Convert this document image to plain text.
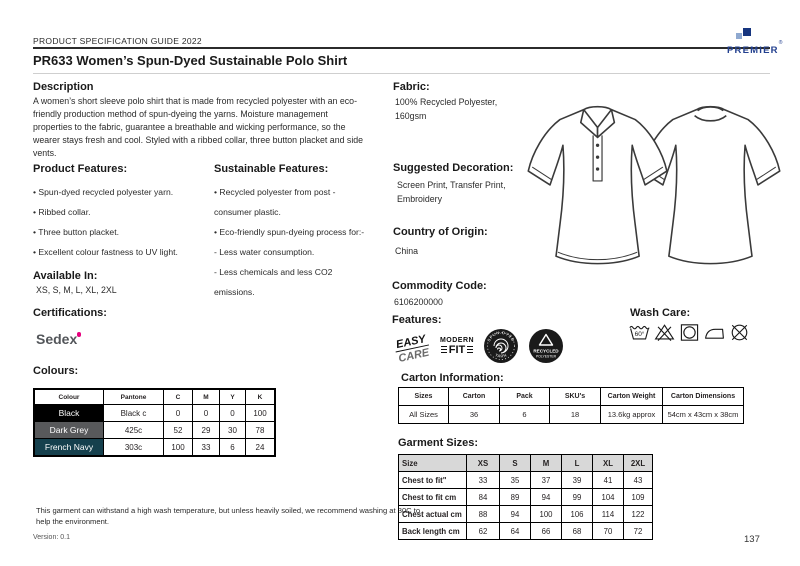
PRODUCT SPECIFICATION GUIDE 2022
PR633 Women’s Spun-Dyed Sustainable Polo Shirt
PREMIER®
Description
A women’s short sleeve polo shirt that is made from recycled polyester with an eco-friendly production method of spun-dyeing the yarns. Moisture management properties to the fabric, guarantee a breathable and wicking performance, so the wearer stays fresh and cool. Styled with a ribbed collar, three button placket and side vents.
Product Features:	Sustainable Features:
• Spun-dyed recycled polyester yarn.
• Ribbed collar.
• Three button placket.
• Excellent colour fastness to UV light.
• Recycled polyester from post - consumer plastic.
• Eco-friendly spun-dyeing process for:-
- Less water consumption.
- Less chemicals and less CO2 emissions.
Available In:
XS, S, M, L, XL, 2XL
Certifications:
Sedex
Colours:
Colour	Pantone	C	M	Y	K
Black	Black c	0	0	0	100
Dark Grey	425c	52	29	30	78
French Navy	303c	100	33	6	24
This garment can withstand a high wash temperature, but unless heavily soiled, we recommend washing at 30C to help the environment.
Version: 0.1	137
Fabric:
100% Recycled Polyester,
160gsm
Suggested Decoration:
Screen Print, Transfer Print,
Embroidery
Country of Origin:
China
Commodity Code:
6106200000
Features:
EASY
CARE
MODERN
FIT
SPUN-DYED
YARN
RECYCLED
POLYESTER
Wash Care:
60°
Carton Information:
Sizes	Carton	Pack	SKU's	Carton Weight	Carton Dimensions
All Sizes	36	6	18	13.6kg approx	54cm x 43cm x 38cm
Garment Sizes:
Size	XS	S	M	L	XL	2XL
Chest to fit"	33	35	37	39	41	43
Chest to fit cm	84	89	94	99	104	109
Chest actual cm	88	94	100	106	114	122
Back length cm	62	64	66	68	70	72
